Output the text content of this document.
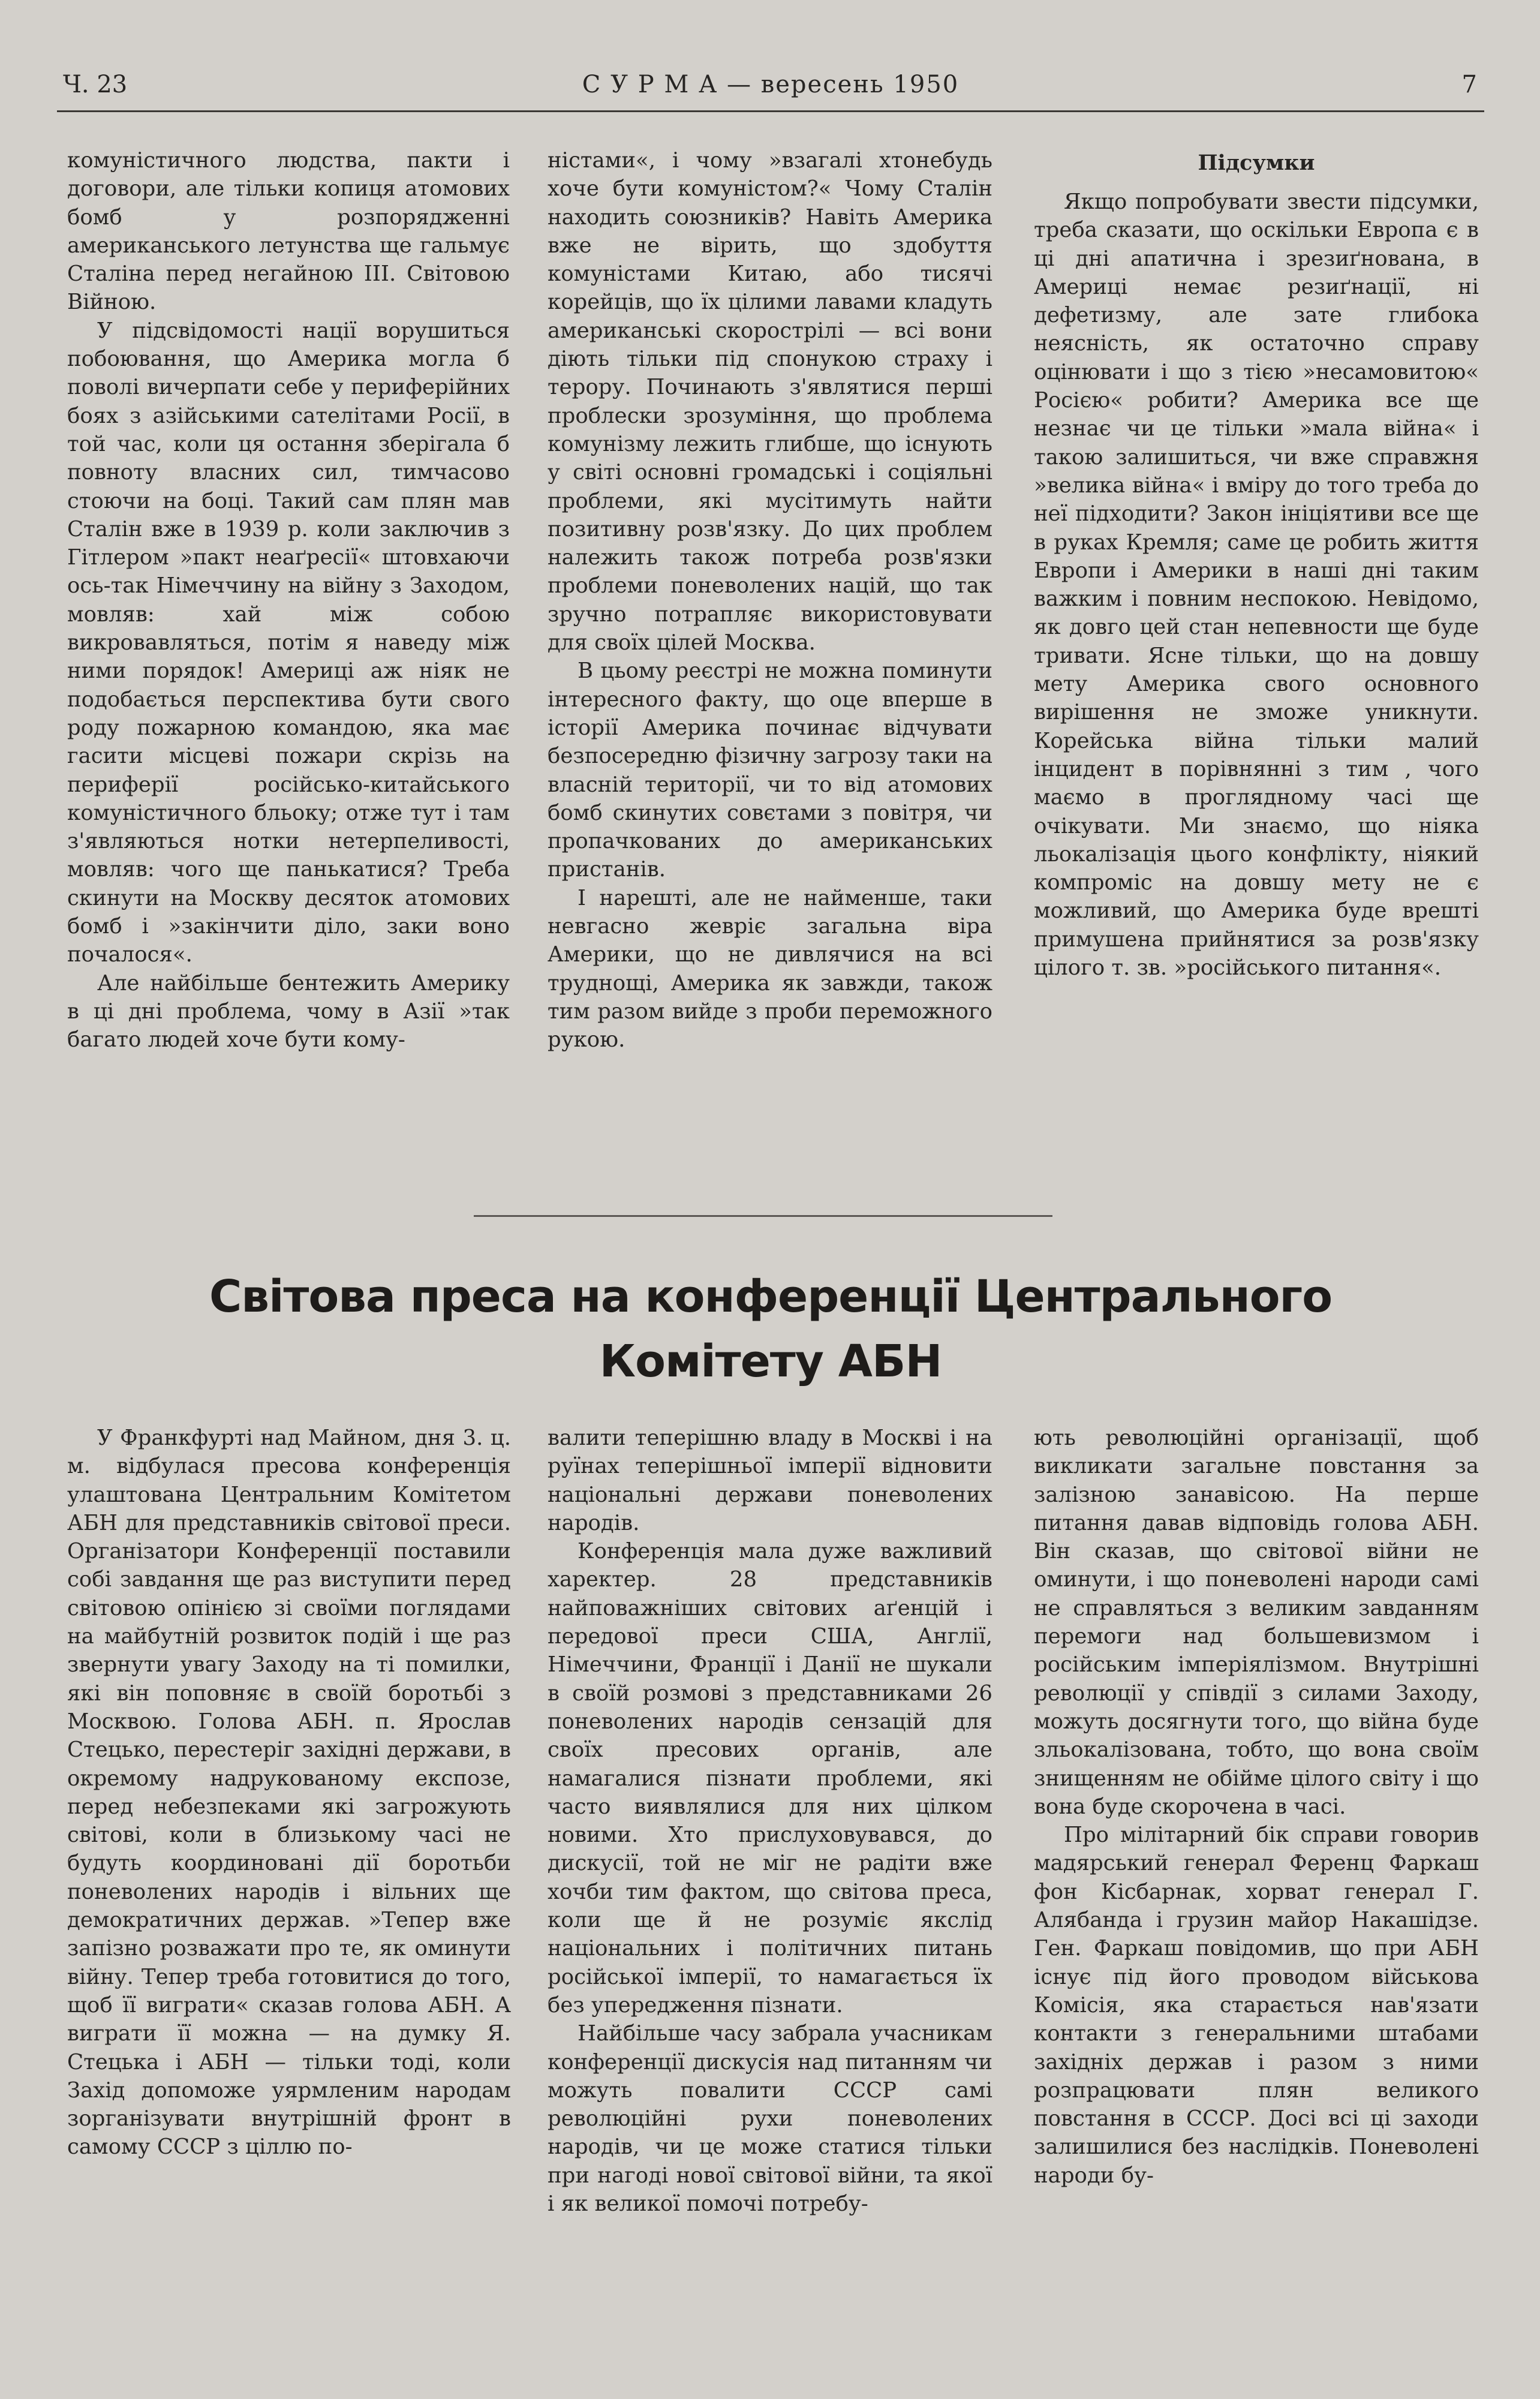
Ч. 23	С У Р М А — вересень 1950	7

комуністичного людства, пакти і договори, але тільки копиця атомових бомб у розпорядженні американського летунства ще гальмує Сталіна перед негайною III. Світовою Війною.

У підсвідомості нації ворушиться побоювання, що Америка могла б поволі вичерпати себе у периферійних боях з азійськими сателітами Росії, в той час, коли ця остання зберігала б повноту власних сил, тимчасово стоючи на боці. Такий сам плян мав Сталін вже в 1939 р. коли заключив з Гітлером »пакт неаґресії« штовхаючи ось-так Німеччину на війну з Заходом, мовляв: хай між собою викровавляться, потім я наведу між ними порядок! Америці аж ніяк не подобається перспектива бути свого роду пожарною командою, яка має гасити місцеві пожари скрізь на периферії російсько-китайського комуністичного бльоку; отже тут і там з'являються нотки нетерпеливості, мовляв: чого ще панькатися? Треба скинути на Москву десяток атомових бомб і »закінчити діло, заки воно почалося«.

Але найбільше бентежить Америку в ці дні проблема, чому в Азії »так багато людей хоче бути кому-

ністами«, і чому »взагалі хтонебудь хоче бути комуністом?« Чому Сталін находить союзників? Навіть Америка вже не вірить, що здобуття комуністами Китаю, або тисячі корейців, що їх цілими лавами кладуть американські скорострілі — всі вони діють тільки під спонукою страху і терору. Починають з'являтися перші проблески зрозуміння, що проблема комунізму лежить глибше, що існують у світі основні громадські і соціяльні проблеми, які мусітимуть найти позитивну розв'язку. До цих проблем належить також потреба розв'язки проблеми поневолених націй, що так зручно потрапляє використовувати для своїх цілей Москва.

В цьому реєстрі не можна поминути інтересного факту, що оце вперше в історії Америка починає відчувати безпосередню фізичну загрозу таки на власній території, чи то від атомових бомб скинутих совєтами з повітря, чи пропачкованих до американських пристанів.

І нарешті, але не найменше, таки невгасно жевріє загальна віра Америки, що не дивлячися на всі труднощі, Америка як завжди, також тим разом вийде з проби переможного рукою.

Підсумки

Якщо попробувати звести підсумки, треба сказати, що оскільки Европа є в ці дні апатична і зрезиґнована, в Америці немає резиґнації, ні дефетизму, але зате глибока неясність, як остаточно справу оцінювати і що з тією »несамовитою« Росією« робити? Америка все ще незнає чи це тільки »мала війна« і такою залишиться, чи вже справжня »велика війна« і вміру до того треба до неї підходити? Закон ініціятиви все ще в руках Кремля; саме це робить життя Европи і Америки в наші дні таким важким і повним неспокою. Невідомо, як довго цей стан непевности ще буде тривати. Ясне тільки, що на довшу мету Америка свого основного вирішення не зможе уникнути. Корейська війна тільки малий інцидент в порівнянні з тим , чого маємо в проглядному часі ще очікувати. Ми знаємо, що ніяка льокалізація цього конфлікту, ніякий компроміс на довшу мету не є можливий, що Америка буде врешті примушена прийнятися за розв'язку цілого т. зв. »російського питання«.

Світова преса на конференції Центрального
Комітету АБН

У Франкфурті над Майном, дня 3. ц. м. відбулася пресова конференція улаштована Центральним Комітетом АБН для представників світової преси. Організатори Конференції поставили собі завдання ще раз виступити перед світовою опінією зі своїми поглядами на майбутній розвиток подій і ще раз звернути увагу Заходу на ті помилки, які він поповняє в своїй боротьбі з Москвою. Голова АБН. п. Ярослав Стецько, перестеріг західні держави, в окремому надрукованому експозе, перед небезпеками які загрожують світові, коли в близькому часі не будуть координовані дії боротьби поневолених народів і вільних ще демократичних держав. »Тепер вже запізно розважати про те, як оминути війну. Тепер треба готовитися до того, щоб її виграти« сказав голова АБН. А виграти її можна — на думку Я. Стецька і АБН — тільки тоді, коли Захід допоможе уярмленим народам зорганізувати внутрішній фронт в самому СССР з ціллю по-

валити теперішню владу в Москві і на руїнах теперішньої імперії відновити національні держави поневолених народів.

Конференція мала дуже важливий харектер. 28 представників найповажніших світових аґенцій і передової преси США, Англії, Німеччини, Франції і Данії не шукали в своїй розмові з представниками 26 поневолених народів сензацій для своїх пресових органів, але намагалися пізнати проблеми, які часто виявлялися для них цілком новими. Хто прислуховувався, до дискусії, той не міг не радіти вже хочби тим фактом, що світова преса, коли ще й не розуміє якслід національних і політичних питань російської імперії, то намагається їх без упередження пізнати.

Найбільше часу забрала учасникам конференції дискусія над питанням чи можуть повалити СССР самі революційні рухи поневолених народів, чи це може статися тільки при нагоді нової світової війни, та якої і як великої помочі потребу-

ють революційні організації, щоб викликати загальне повстання за залізною занавісою. На перше питання давав відповідь голова АБН. Він сказав, що світової війни не оминути, і що поневолені народи самі не справляться з великим завданням перемоги над большевизмом і російським імперіялізмом. Внутрішні революції у співдії з силами Заходу, можуть досягнути того, що війна буде зльокалізована, тобто, що вона своїм знищенням не обійме цілого світу і що вона буде скорочена в часі.

Про мілітарний бік справи говорив мадярський генерал Ференц Фаркаш фон Кісбарнак, хорват генерал Г. Алябанда і грузин майор Накашідзе. Ген. Фаркаш повідомив, що при АБН існує під його проводом військова Комісія, яка старається нав'язати контакти з генеральними штабами західніх держав і разом з ними розпрацювати плян великого повстання в СССР. Досі всі ці заходи залишилися без наслідків. Поневолені народи бу-
